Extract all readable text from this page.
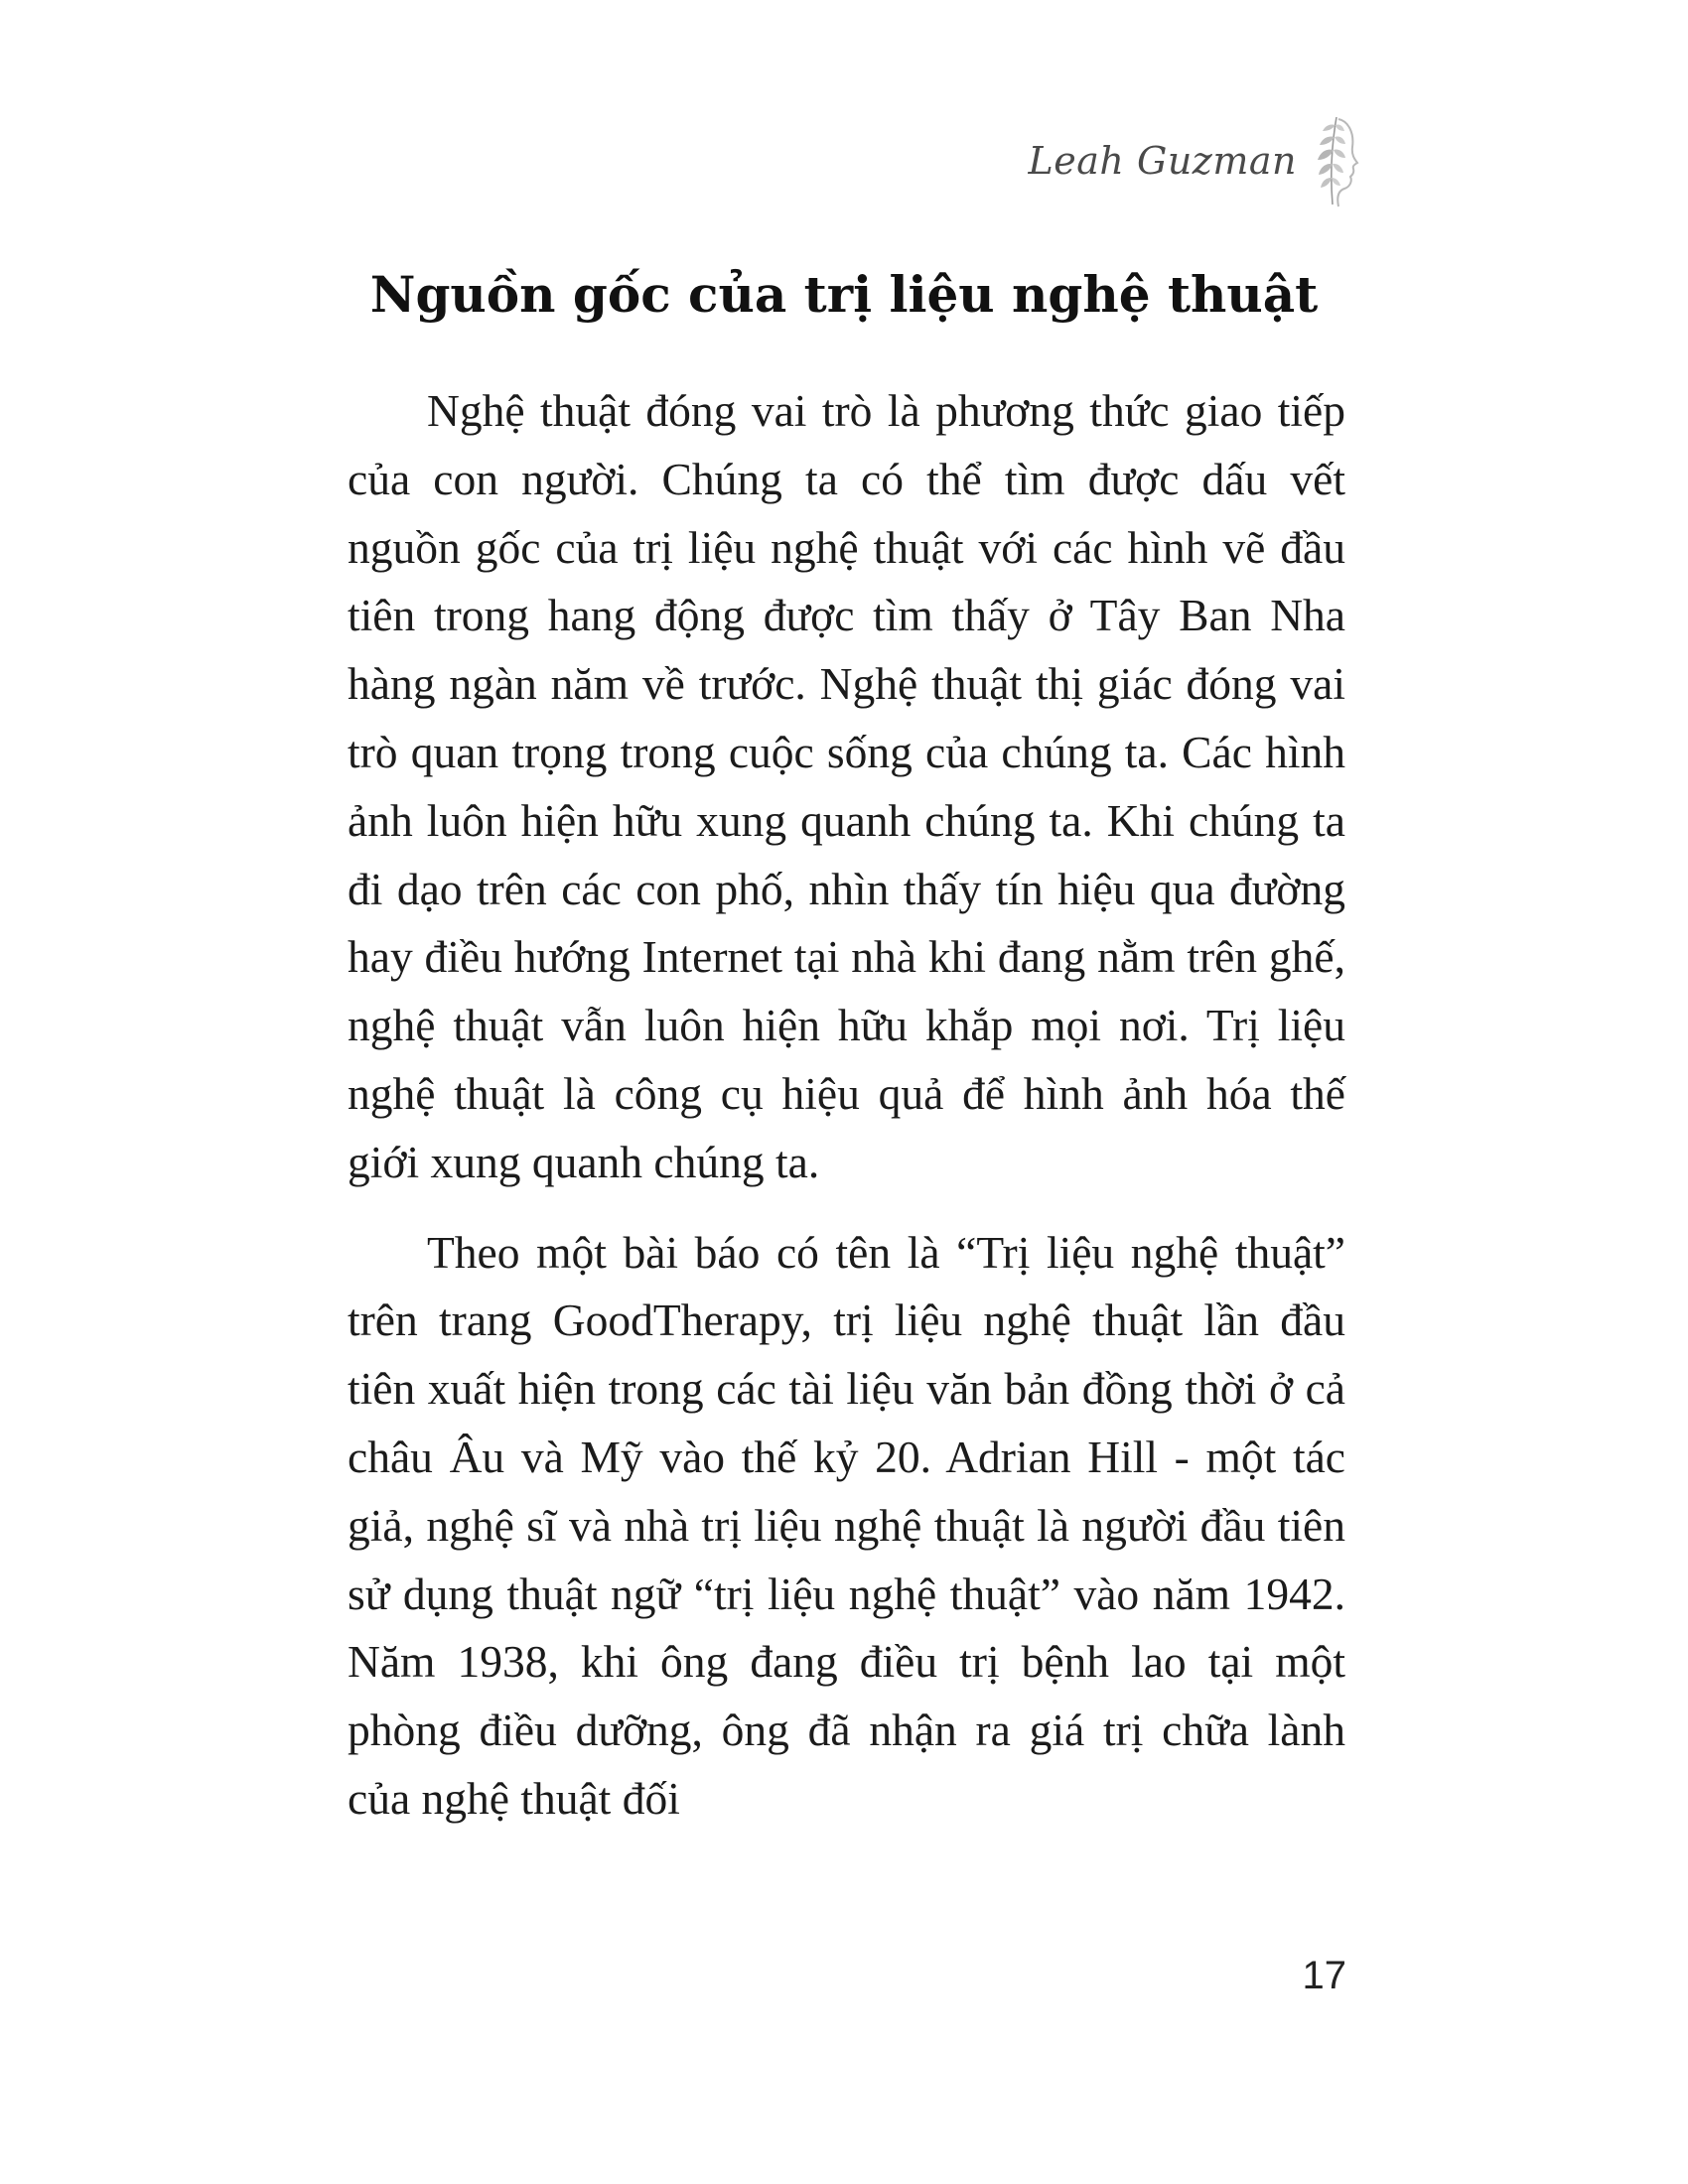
Leah Guzman
Nguồn gốc của trị liệu nghệ thuật

Nghệ thuật đóng vai trò là phương thức giao tiếp của con người. Chúng ta có thể tìm được dấu vết nguồn gốc của trị liệu nghệ thuật với các hình vẽ đầu tiên trong hang động được tìm thấy ở Tây Ban Nha hàng ngàn năm về trước. Nghệ thuật thị giác đóng vai trò quan trọng trong cuộc sống của chúng ta. Các hình ảnh luôn hiện hữu xung quanh chúng ta. Khi chúng ta đi dạo trên các con phố, nhìn thấy tín hiệu qua đường hay điều hướng Internet tại nhà khi đang nằm trên ghế, nghệ thuật vẫn luôn hiện hữu khắp mọi nơi. Trị liệu nghệ thuật là công cụ hiệu quả để hình ảnh hóa thế giới xung quanh chúng ta.

Theo một bài báo có tên là “Trị liệu nghệ thuật” trên trang GoodTherapy, trị liệu nghệ thuật lần đầu tiên xuất hiện trong các tài liệu văn bản đồng thời ở cả châu Âu và Mỹ vào thế kỷ 20. Adrian Hill - một tác giả, nghệ sĩ và nhà trị liệu nghệ thuật là người đầu tiên sử dụng thuật ngữ “trị liệu nghệ thuật” vào năm 1942. Năm 1938, khi ông đang điều trị bệnh lao tại một phòng điều dưỡng, ông đã nhận ra giá trị chữa lành của nghệ thuật đối

17
